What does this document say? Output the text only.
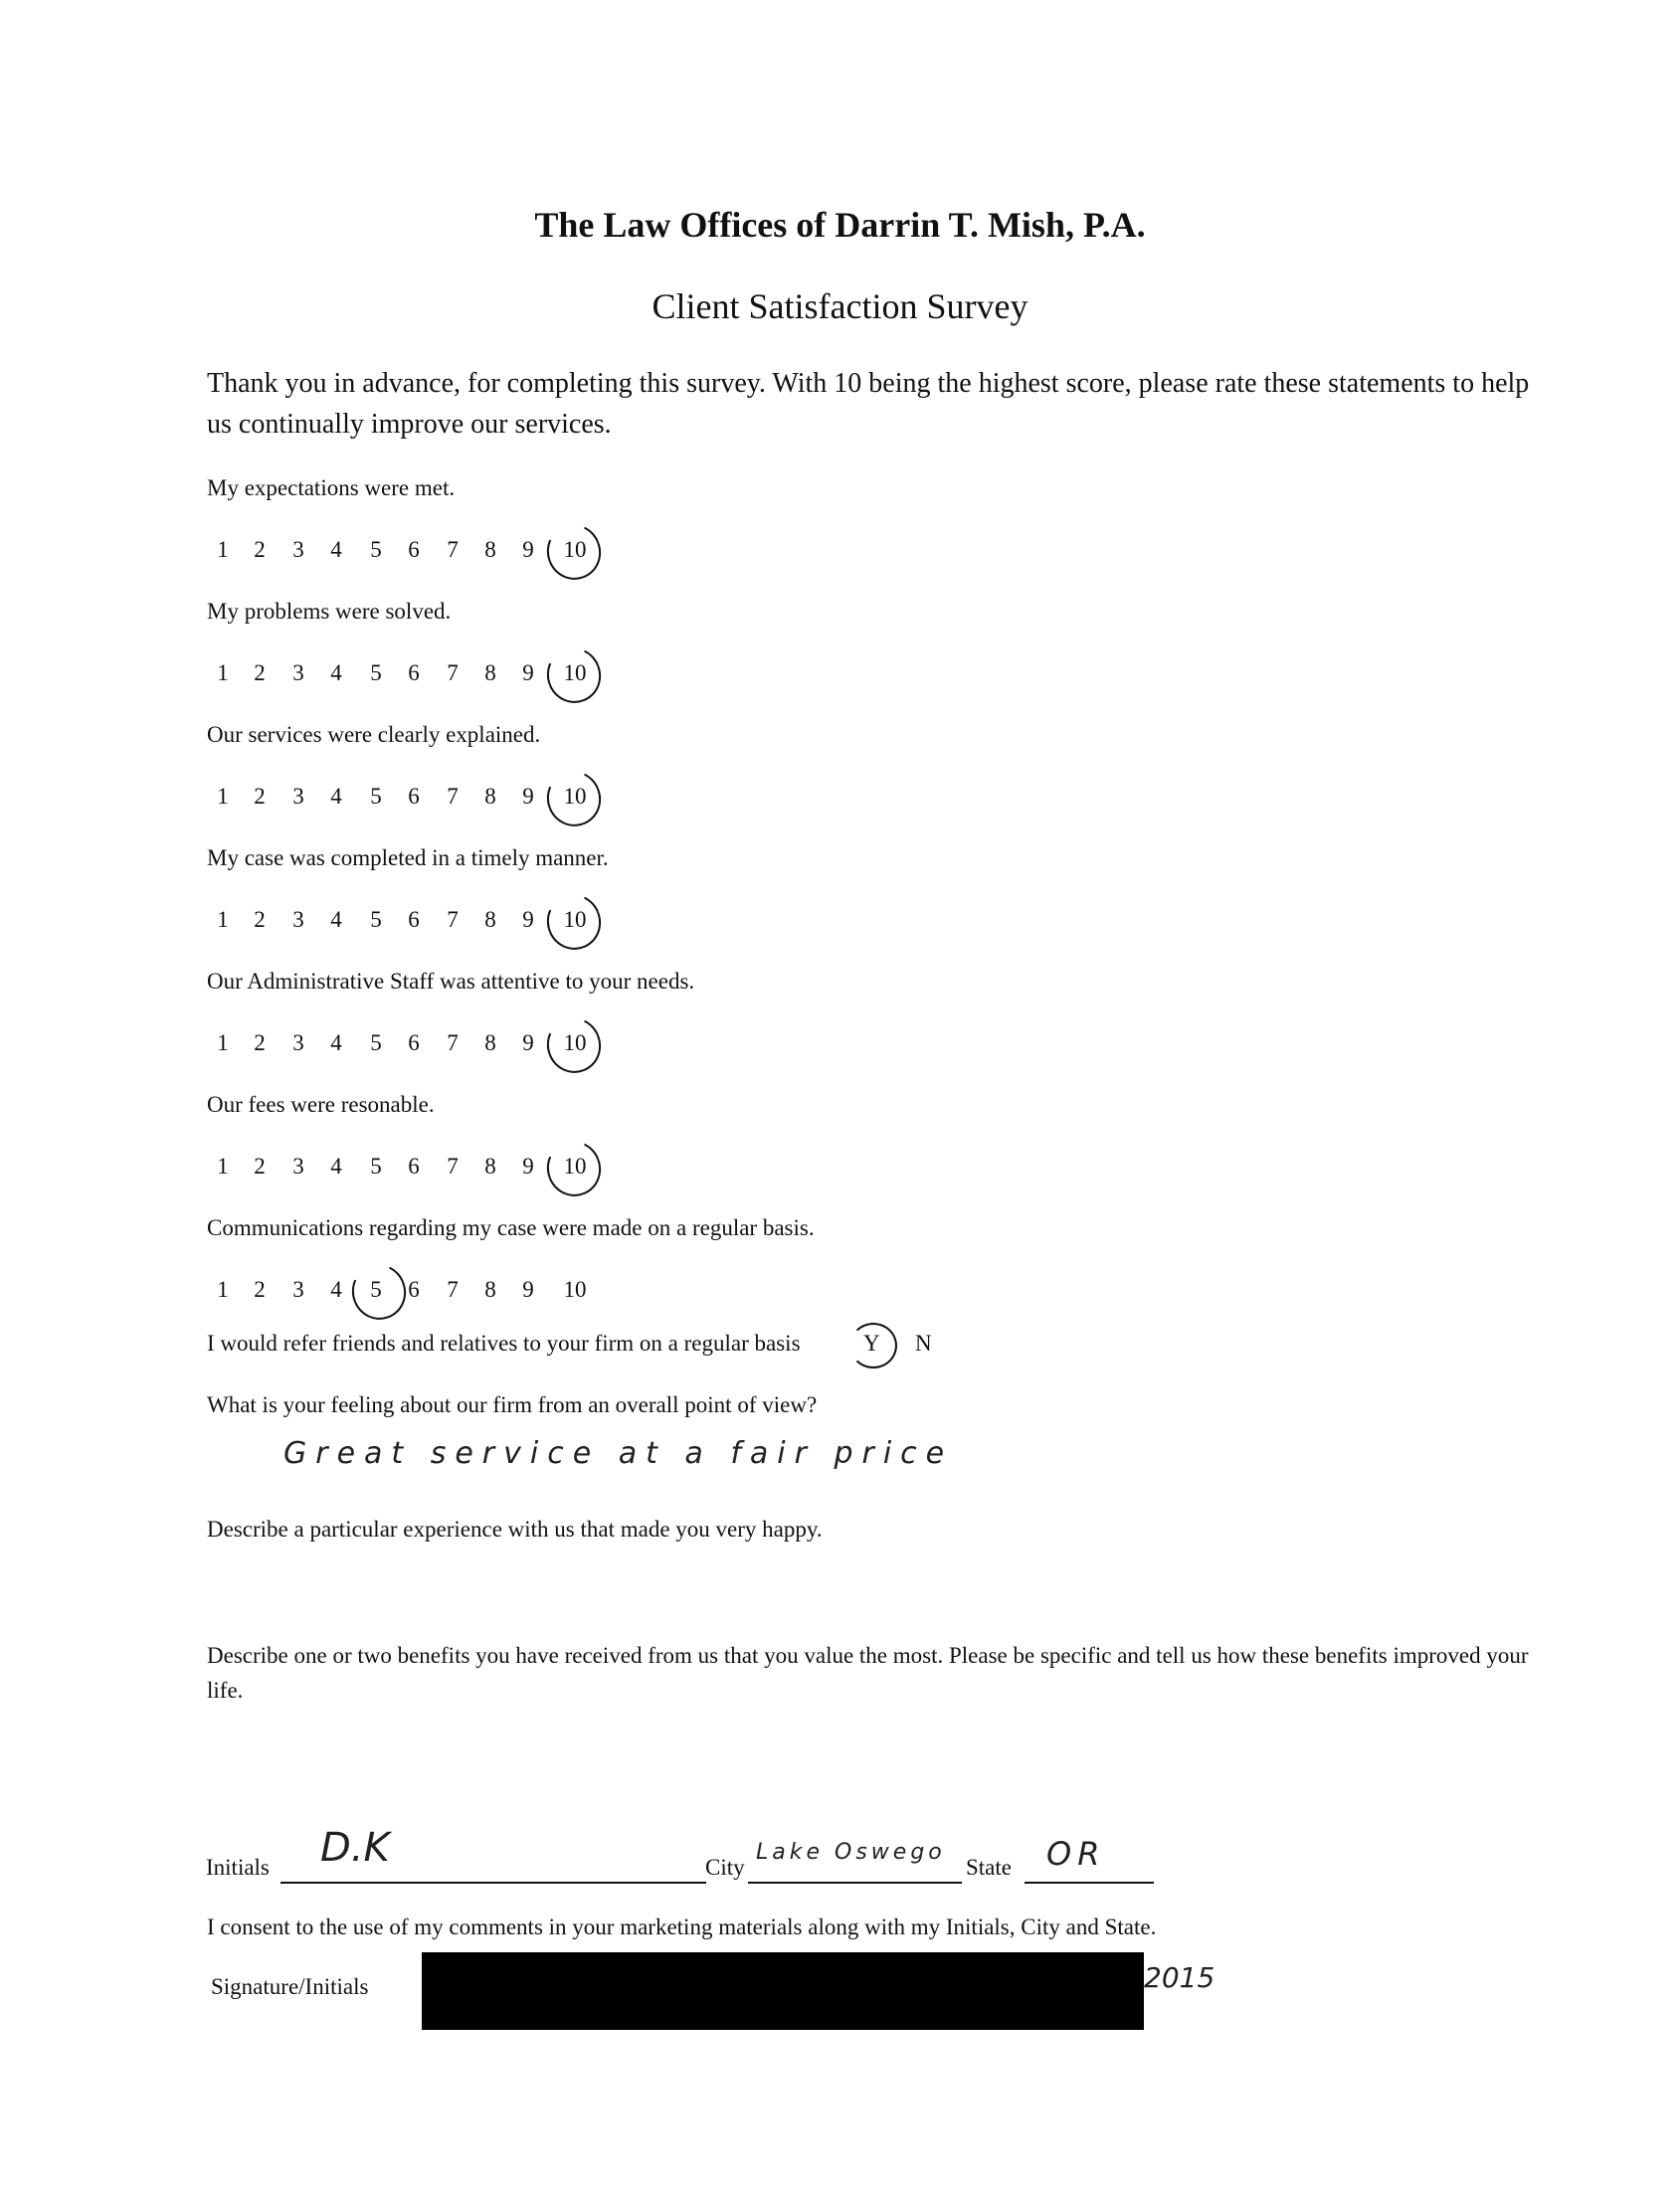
The Law Offices of Darrin T. Mish, P.A.
Client Satisfaction Survey
Thank you in advance, for completing this survey. With 10 being the highest score, please rate these statements to help us continually improve our services.
My expectations were met.
1 2 3 4 5 6 7 8 9 10
My problems were solved.
1 2 3 4 5 6 7 8 9 10
Our services were clearly explained.
1 2 3 4 5 6 7 8 9 10
My case was completed in a timely manner.
1 2 3 4 5 6 7 8 9 10
Our Administrative Staff was attentive to your needs.
1 2 3 4 5 6 7 8 9 10
Our fees were resonable.
1 2 3 4 5 6 7 8 9 10
Communications regarding my case were made on a regular basis.
1 2 3 4 5 6 7 8 9 10
I would refer friends and relatives to your firm on a regular basis	Y N
What is your feeling about our firm from an overall point of view?
Great service at a fair price
Describe a particular experience with us that made you very happy.
Describe one or two benefits you have received from us that you value the most. Please be specific and tell us how these benefits improved your life.
Initials D.K	City
Lake Oswego
State OR
I consent to the use of my comments in your marketing materials along with my Initials, City and State.
Signature/Initials	2015
